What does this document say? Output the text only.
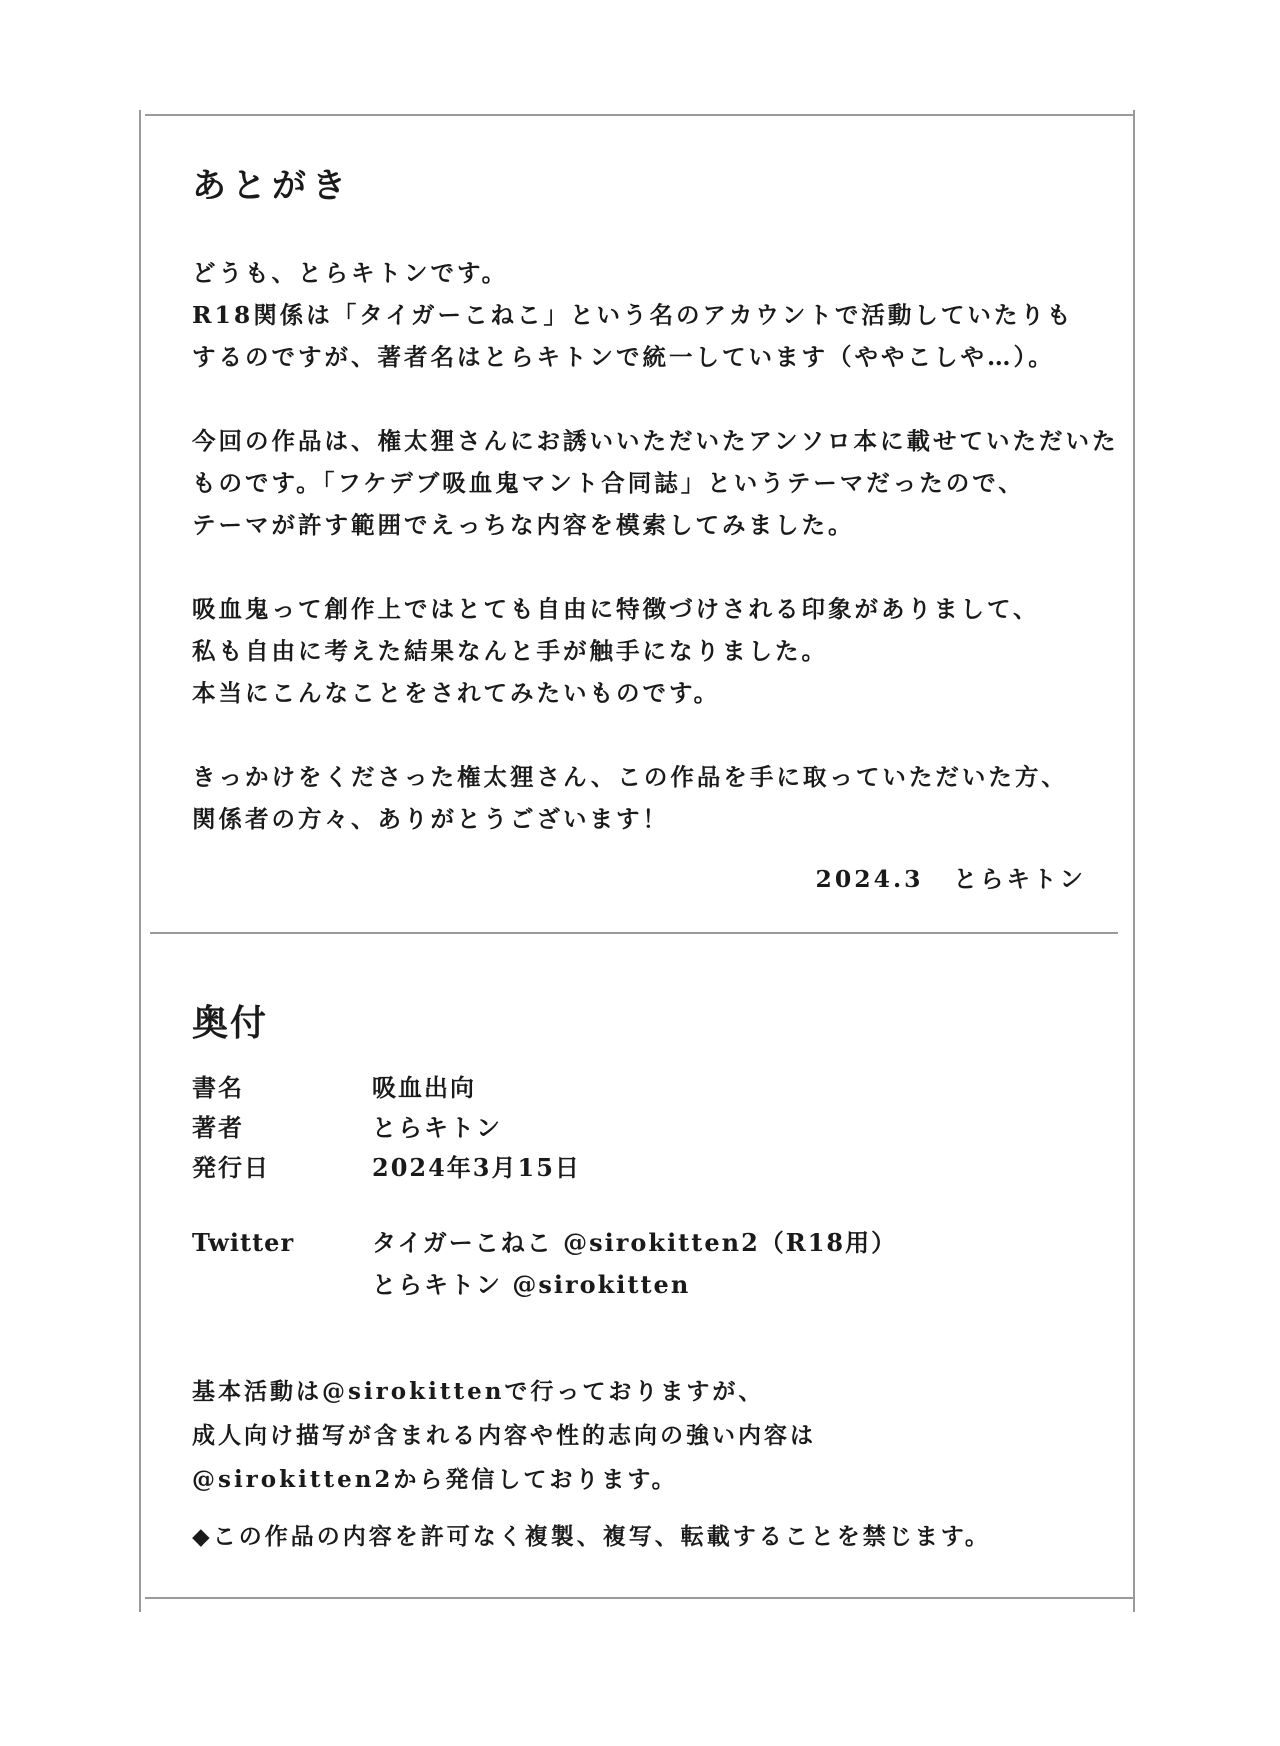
あとがき
どうも、とらキトンです。
R18関係は「タイガーこねこ」という名のアカウントで活動していたりも
するのですが、著者名はとらキトンで統一しています（ややこしや…）。
今回の作品は、権太狸さんにお誘いいただいたアンソロ本に載せていただいた
ものです。「フケデブ吸血鬼マント合同誌」というテーマだったので、
テーマが許す範囲でえっちな内容を模索してみました。
吸血鬼って創作上ではとても自由に特徴づけされる印象がありまして、
私も自由に考えた結果なんと手が触手になりました。
本当にこんなことをされてみたいものです。
きっかけをくださった権太狸さん、この作品を手に取っていただいた方、
関係者の方々、ありがとうございます！
2024.3 とらキトン
奥付
書名	吸血出向
著者	とらキトン
発行日	2024年3月15日
Twitter	タイガーこねこ @sirokitten2（R18用）
とらキトン @sirokitten
基本活動は@sirokittenで行っておりますが、
成人向け描写が含まれる内容や性的志向の強い内容は
@sirokitten2から発信しております。
◆この作品の内容を許可なく複製、複写、転載することを禁じます。
